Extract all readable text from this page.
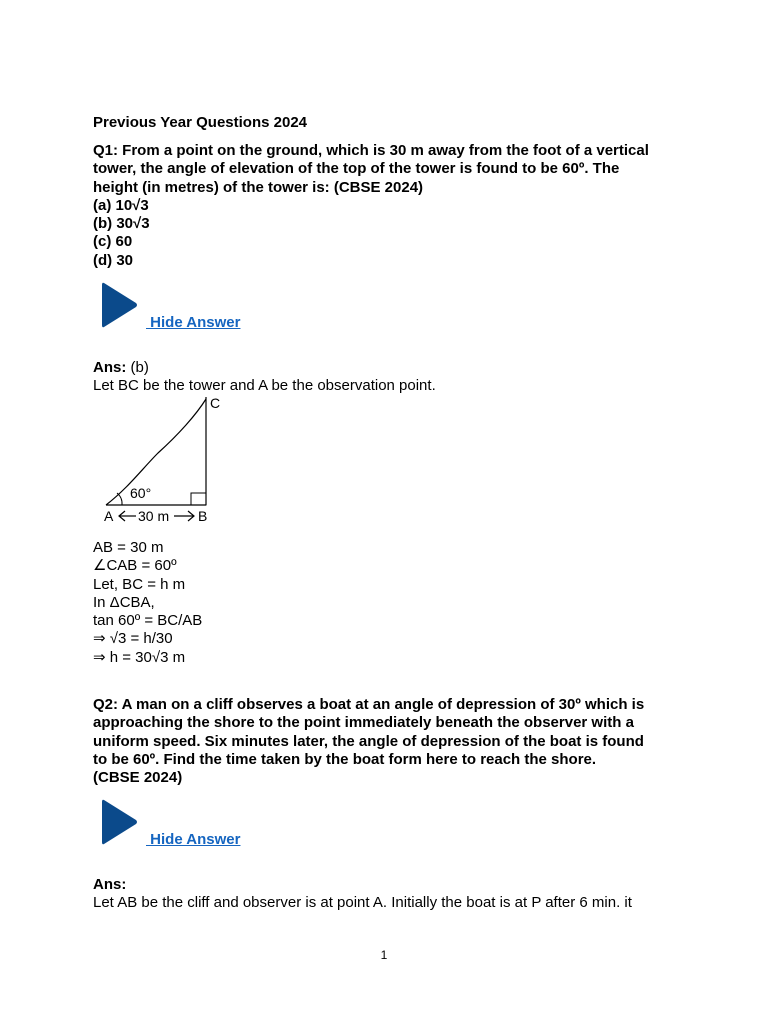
Previous Year Questions 2024
Q1: From a point on the ground, which is 30 m away from the foot of a vertical
tower, the angle of elevation of the top of the tower is found to be 60º. The
height (in metres) of the tower is: (CBSE 2024)
(a) 10√3
(b) 30√3
(c) 60
(d) 30
Hide Answer
Ans: (b)
Let BC be the tower and A be the observation point.
C
60°
A 30 m B
AB = 30 m
∠CAB = 60º
Let, BC = h m
In ΔCBA,
tan 60º = BC/AB
⇒ √3 = h/30
⇒ h = 30√3 m
Q2: A man on a cliff observes a boat at an angle of depression of 30º which is
approaching the shore to the point immediately beneath the observer with a
uniform speed. Six minutes later, the angle of depression of the boat is found
to be 60º. Find the time taken by the boat form here to reach the shore.
(CBSE 2024)
Hide Answer
Ans:
Let AB be the cliff and observer is at point A. Initially the boat is at P after 6 min. it
1
